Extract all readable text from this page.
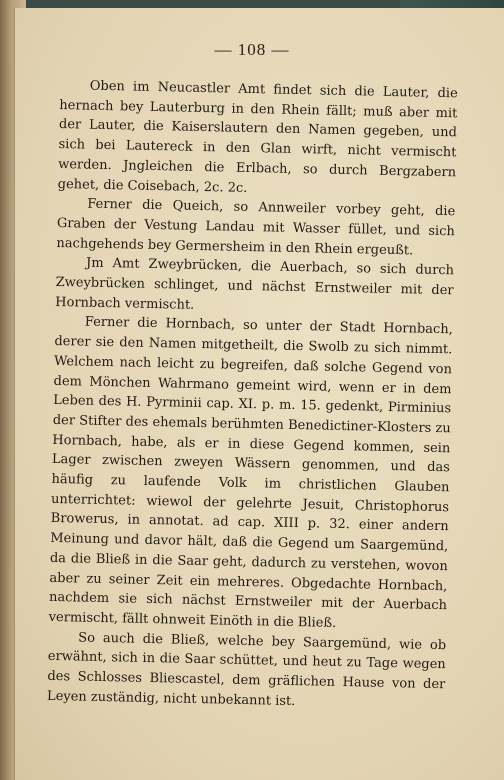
— 108 —

Oben im Neucastler Amt findet sich die Lauter, die hernach bey Lauterburg in den Rhein fällt; muß aber mit der Lauter, die Kaiserslautern den Namen gegeben, und sich bei Lautereck in den Glan wirft, nicht vermischt werden. Jngleichen die Erlbach, so durch Bergzabern gehet, die Coisebach, 2c. 2c.

Ferner die Queich, so Annweiler vorbey geht, die Graben der Vestung Landau mit Wasser füllet, und sich nachgehends bey Germersheim in den Rhein ergeußt.

Jm Amt Zweybrücken, die Auerbach, so sich durch Zweybrücken schlinget, und nächst Ernstweiler mit der Hornbach vermischt.

Ferner die Hornbach, so unter der Stadt Hornbach, derer sie den Namen mitgetheilt, die Swolb zu sich nimmt. Welchem nach leicht zu begreifen, daß solche Gegend von dem Mönchen Wahrmano gemeint wird, wenn er in dem Leben des H. Pyrminii cap. XI. p. m. 15. gedenkt, Pirminius der Stifter des ehemals berühmten Benedictiner-Klosters zu Hornbach, habe, als er in diese Gegend kommen, sein Lager zwischen zweyen Wässern genommen, und das häufig zu laufende Volk im christlichen Glauben unterrichtet: wiewol der gelehrte Jesuit, Christophorus Browerus, in annotat. ad cap. XIII p. 32. einer andern Meinung und davor hält, daß die Gegend um Saargemünd, da die Bließ in die Saar geht, dadurch zu verstehen, wovon aber zu seiner Zeit ein mehreres. Obgedachte Hornbach, nachdem sie sich nächst Ernstweiler mit der Auerbach vermischt, fällt ohnweit Einöth in die Bließ.

So auch die Bließ, welche bey Saargemünd, wie ob erwähnt, sich in die Saar schüttet, und heut zu Tage wegen des Schlosses Bliescastel, dem gräflichen Hause von der Leyen zuständig, nicht unbekannt ist.
